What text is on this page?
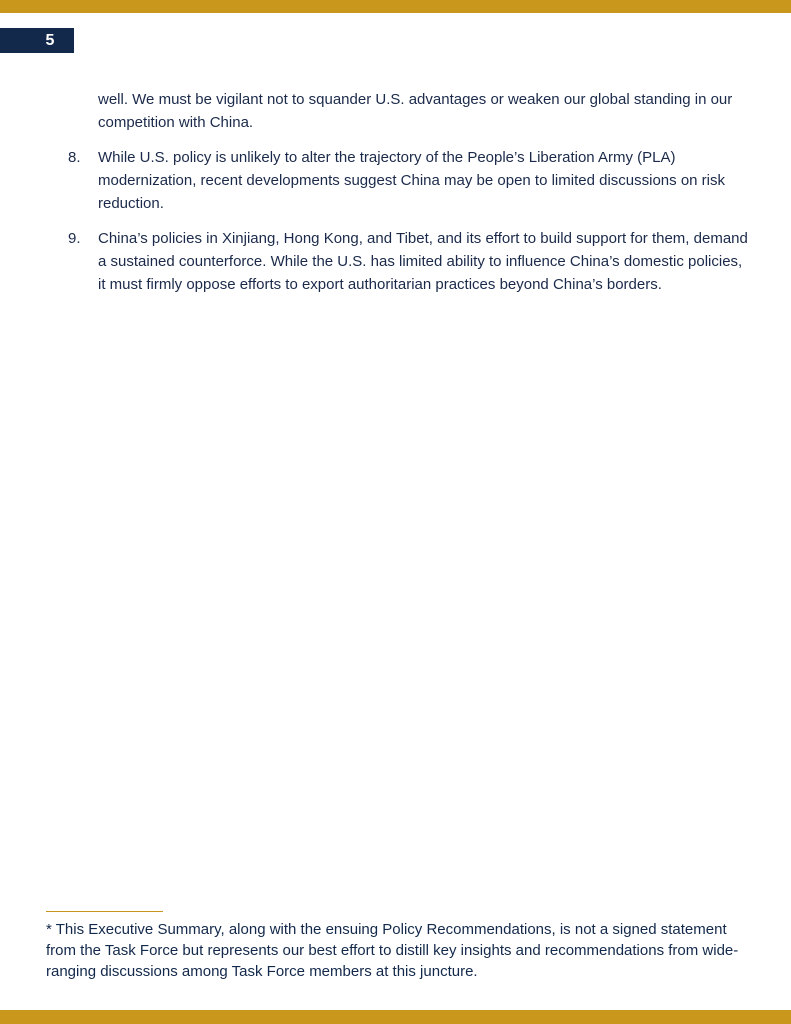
5

well. We must be vigilant not to squander U.S. advantages or weaken our global standing in our competition with China.

8.	While U.S. policy is unlikely to alter the trajectory of the People’s Liberation Army (PLA) modernization, recent developments suggest China may be open to limited discussions on risk reduction.
9.	China’s policies in Xinjiang, Hong Kong, and Tibet, and its effort to build support for them, demand a sustained counterforce. While the U.S. has limited ability to influence China’s domestic policies, it must firmly oppose efforts to export authoritarian practices beyond China’s borders.

* This Executive Summary, along with the ensuing Policy Recommendations, is not a signed statement from the Task Force but represents our best effort to distill key insights and recommendations from wide-ranging discussions among Task Force members at this juncture.
